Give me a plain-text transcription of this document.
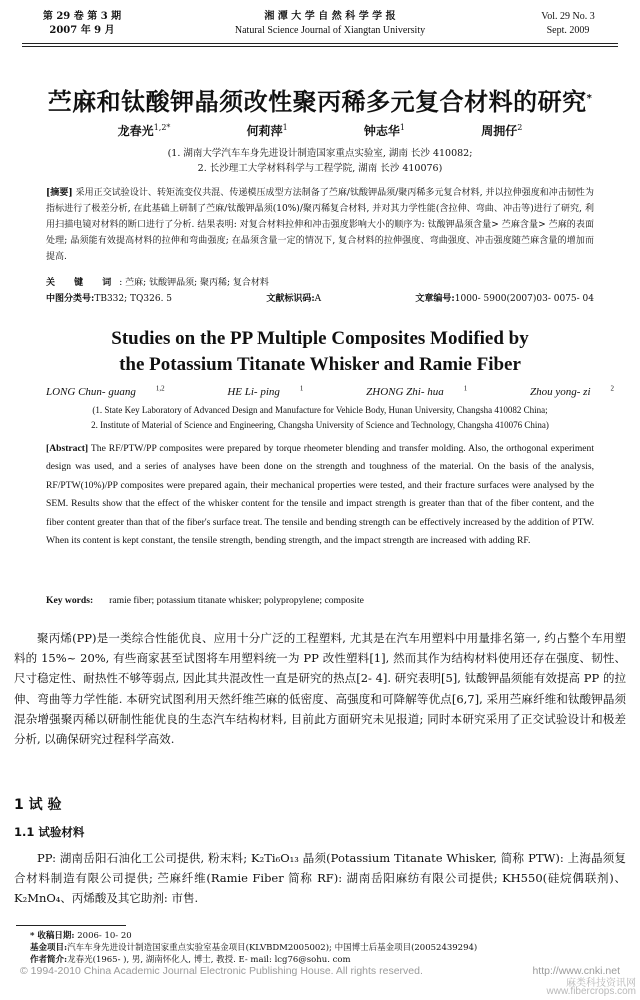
第 29 卷 第 3 期
2007 年 9 月
湘 潭 大 学 自 然 科 学 学 报
Natural Science Journal of Xiangtan University
Vol. 29 No. 3
Sept. 2009
苎麻和钛酸钾晶须改性聚丙稀多元复合材料的研究*
龙春光$^{1,2*}$	何莉萍$^1$	钟志华$^1$	周拥仔$^2$
(1. 湖南大学汽车车身先进设计制造国家重点实验室, 湖南 长沙 410082;
2. 长沙理工大学材料科学与工程学院, 湖南 长沙 410076)
[摘要] 采用正交试验设计、转矩流变仪共混、传递模压成型方法制备了苎麻/钛酸钾晶须/聚丙稀多元复合材料, 并以拉伸强度和冲击韧性为指标进行了极差分析, 在此基础上研制了苎麻/钛酸钾晶须(10%)/聚丙稀复合材料, 并对其力学性能(含拉伸、弯曲、冲击等)进行了研究, 利用扫描电镜对材料的断口进行了分析. 结果表明: 对复合材料拉伸和冲击强度影响大小的顺序为: 钛酸钾晶须含量> 苎麻含量> 苎麻的表面处理; 晶须能有效提高材料的拉伸和弯曲强度; 在晶须含量一定的情况下, 复合材料的拉伸强度、弯曲强度、冲击强度随苎麻含量的增加而提高.
关 键 词: 苎麻; 钛酸钾晶须; 聚丙稀; 复合材料
中图分类号:TB332; TQ326. 5	文献标识码:A	文章编号:1000- 5900(2007)03- 0075- 04
Studies on the PP Multiple Composites Modified by
the Potassium Titanate Whisker and Ramie Fiber
LONG Chun- guang	$^{1,2}$	HE Li- ping	$^1$	ZHONG Zhi- hua	$^1$	Zhou yong- zi	$^2$
(1. State Key Laboratory of Advanced Design and Manufacture for Vehicle Body, Hunan University, Changsha 410082 China;
2. Institute of Material of Science and Engineering, Changsha University of Science and Technology, Changsha 410076 China)
[Abstract] The RF/PTW/PP composites were prepared by torque rheometer blending and transfer molding. Also, the orthogonal experiment design was used, and a series of analyses have been done on the strength and toughness of the material. On the basis of the analysis, RF/PTW(10%)/PP composites were prepared again, their mechanical properties were tested, and their fracture surfaces were analysed by the SEM. Results show that the effect of the whisker content for the tensile and impact strength is greater than that of the fiber content, and the fiber content greater than that of the fiber's surface treat. The tensile and bending strength can be effectively increased by the addition of PTW. When its content is kept constant, the tensile strength, bending strength, and the impact strength are increased with adding RF.
Key words: ramie fiber; potassium titanate whisker; polypropylene; composite
聚丙烯(PP)是一类综合性能优良、应用十分广泛的工程塑料, 尤其是在汽车用塑料中用量排名第一, 约占整个车用塑料的 15%~ 20%, 有些商家甚至试图将车用塑料统一为 PP 改性塑料[1], 然而其作为结构材料使用还存在强度、韧性、尺寸稳定性、耐热性不够等弱点, 因此其共混改性一直是研究的热点[2- 4]. 研究表明[5], 钛酸钾晶须能有效提高 PP 的拉伸、弯曲等力学性能. 本研究试图利用天然纤维苎麻的低密度、高强度和可降解等优点[6,7], 采用苎麻纤维和钛酸钾晶须混杂增强聚丙稀以研制性能优良的生态汽车结构材料, 目前此方面研究未见报道; 同时本研究采用了正交试验设计和极差分析, 以确保研究过程科学高效.
1 试 验
1.1 试验材料
PP: 湖南岳阳石油化工公司提供, 粉末料; K₂Ti₆O₁₃ 晶须(Potassium Titanate Whisker, 简称 PTW): 上海晶须复合材料制造有限公司提供; 苎麻纤维(Ramie Fiber 简称 RF): 湖南岳阳麻纺有限公司提供; KH550(硅烷偶联剂)、K₂MnO₄、丙烯酸及其它助剂: 市售.
* 收稿日期: 2006- 10- 20
基金项目:汽车车身先进设计制造国家重点实验室基金项目(KLVBDM2005002); 中国博士后基金项目(20052439294)
作者简介:龙春光(1965- ), 男, 湖南怀化人, 博士, 教授. E- mail: lcg76@sohu. com
© 1994-2010 China Academic Journal Electronic Publishing House. All rights reserved.	http://www.cnki.net
麻类科技资讯网
www.fibercrops.com
